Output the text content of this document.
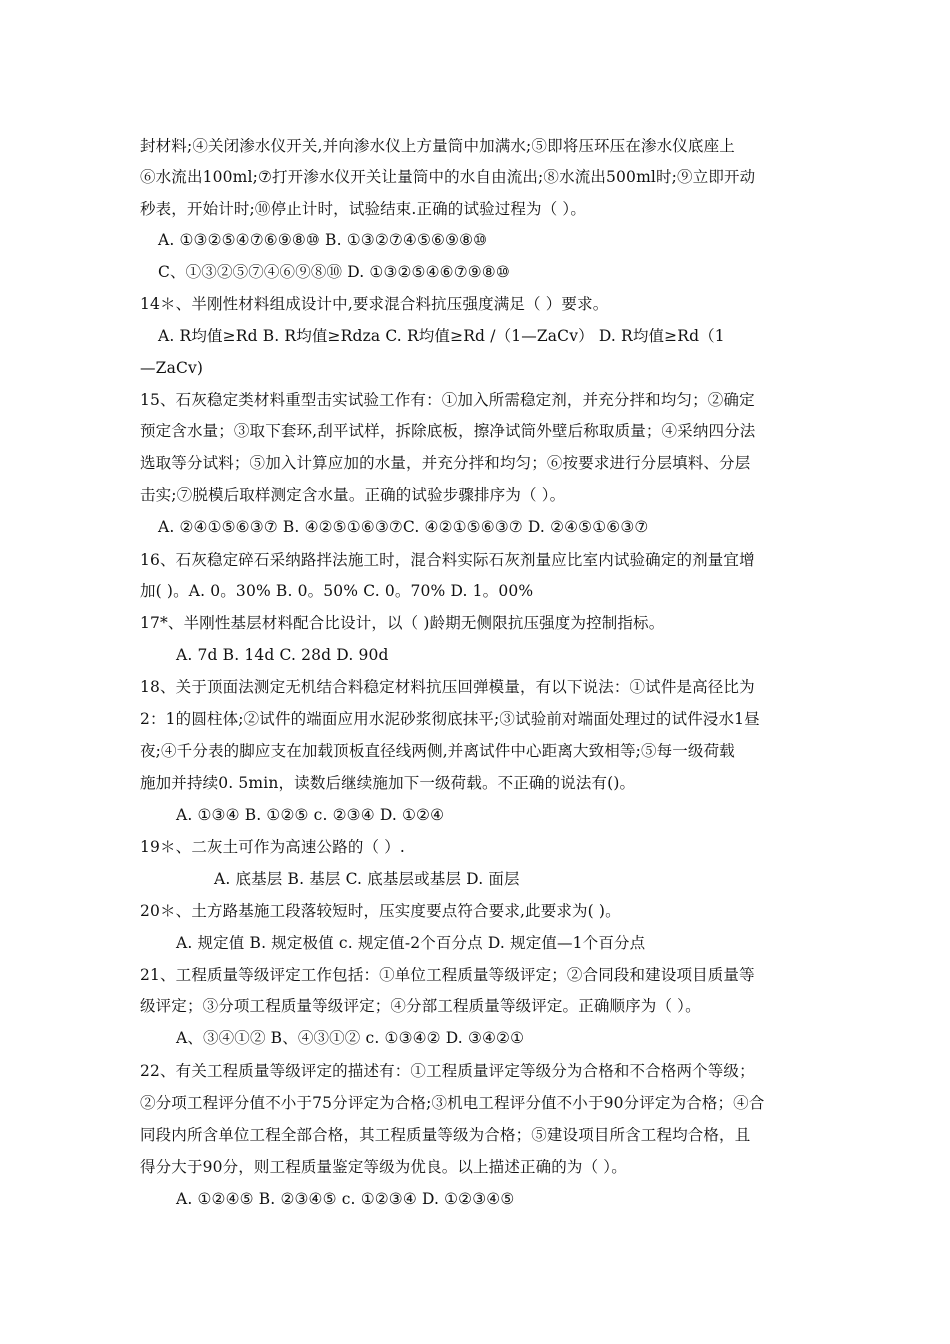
封材料;④关闭渗水仪开关,并向渗水仪上方量筒中加满水;⑤即将压环压在渗水仪底座上
⑥水流出100ml;⑦打开渗水仪开关让量筒中的水自由流出;⑧水流出500ml时;⑨立即开动
秒表，开始计时;⑩停止计时，试验结束.正确的试验过程为（ ）。
A. ①③②⑤④⑦⑥⑨⑧⑩ B. ①③②⑦④⑤⑥⑨⑧⑩
C、①③②⑤⑦④⑥⑨⑧⑩ D. ①③②⑤④⑥⑦⑨⑧⑩
14＊、半刚性材料组成设计中,要求混合料抗压强度满足（ ）要求。
A. R均值≥Rd B. R均值≥Rdza C. R均值≥Rd /（1—ZaCv） D. R均值≥Rd（1
—ZaCv)
15、石灰稳定类材料重型击实试验工作有：①加入所需稳定剂，并充分拌和均匀；②确定
预定含水量；③取下套环,刮平试样，拆除底板，擦净试筒外壁后称取质量；④采纳四分法
选取等分试料；⑤加入计算应加的水量，并充分拌和均匀；⑥按要求进行分层填料、分层
击实;⑦脱模后取样测定含水量。正确的试验步骤排序为（ ）。
A. ②④①⑤⑥③⑦ B. ④②⑤①⑥③⑦C. ④②①⑤⑥③⑦ D. ②④⑤①⑥③⑦
16、石灰稳定碎石采纳路拌法施工时，混合料实际石灰剂量应比室内试验确定的剂量宜增
加( )。A. 0。30% B. 0。50% C. 0。70% D. 1。00%
17*、半刚性基层材料配合比设计，以（ )龄期无侧限抗压强度为控制指标。
A. 7d B. 14d C. 28d D. 90d
18、关于顶面法测定无机结合料稳定材料抗压回弹模量，有以下说法：①试件是高径比为
2：1的圆柱体;②试件的端面应用水泥砂浆彻底抹平;③试验前对端面处理过的试件浸水1昼
夜;④千分表的脚应支在加载顶板直径线两侧,并离试件中心距离大致相等;⑤每一级荷载
施加并持续0. 5min，读数后继续施加下一级荷载。不正确的说法有()。
A. ①③④ B. ①②⑤ c. ②③④ D. ①②④
19＊、二灰土可作为高速公路的（ ）.
A. 底基层 B. 基层 C. 底基层或基层 D. 面层
20＊、土方路基施工段落较短时，压实度要点符合要求,此要求为( )。
A. 规定值 B. 规定极值 c. 规定值-2个百分点 D. 规定值—1个百分点
21、工程质量等级评定工作包括：①单位工程质量等级评定；②合同段和建设项目质量等
级评定；③分项工程质量等级评定；④分部工程质量等级评定。正确顺序为（ ）。
A、③④①② B、④③①② c. ①③④② D. ③④②①
22、有关工程质量等级评定的描述有：①工程质量评定等级分为合格和不合格两个等级；
②分项工程评分值不小于75分评定为合格;③机电工程评分值不小于90分评定为合格；④合
同段内所含单位工程全部合格，其工程质量等级为合格；⑤建设项目所含工程均合格，且
得分大于90分，则工程质量鉴定等级为优良。以上描述正确的为（ ）。
A. ①②④⑤ B. ②③④⑤ c. ①②③④ D. ①②③④⑤
